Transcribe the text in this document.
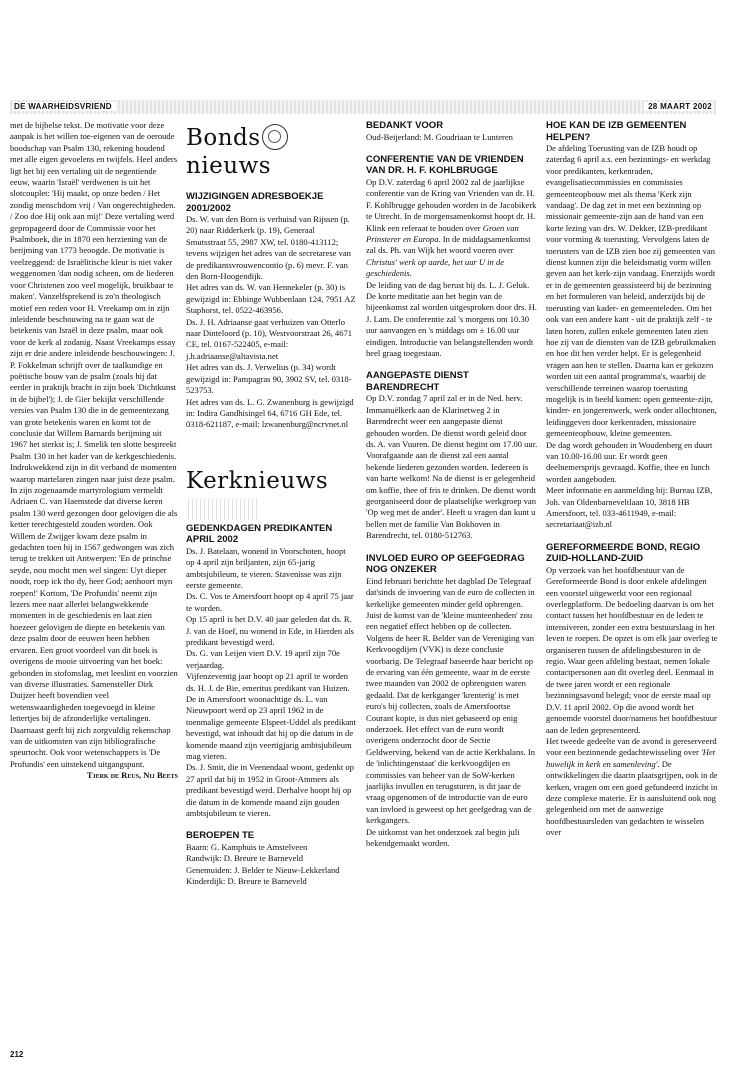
DE WAARHEIDSVRIEND	28 MAART 2002

met de bijbelse tekst. De motivatie voor deze aanpak is het willen toe-eigenen van de oeroude boodschap van Psalm 130, rekening houdend met alle eigen gevoelens en twijfels. Heel anders ligt het bij een vertaling uit de negentiende eeuw, waarin 'Israël' verdwenen is uit het slotcouplet: 'Hij maakt, op onze beden / Het zondig menschdom vrij / Van ongerechtigheden. / Zoo doe Hij ook aan mij!' Deze vertaling werd gepropageerd door de Commissie voor het Psalmboek, die in 1870 een herziening van de berijming van 1773 beoogde. De motivatie is veelzeggend: de Israëlitische kleur is niet vaker weggenomen 'dan nodig scheen, om de liederen voor Christenen zoo veel mogelijk, bruikbaar te maken'. Vanzelfsprekend is zo'n theologisch motief een reden voor H. Vreekamp om in zijn inleidende beschouwing na te gaan wat de betekenis van Israël in deze psalm, maar ook voor de kerk al zodanig. Naast Vreekamps essay zijn er drie andere inleidende beschouwingen: J. P. Fokkelman schrijft over de taalkundige en poëtische bouw van de psalm (zoals hij dat eerder in praktijk bracht in zijn boek 'Dichtkunst in de bijbel'); J. de Gier bekijkt verschillende versies van Psalm 130 die in de gemeentezang van grote betekenis waren en komt tot de conclusie dat Willem Barnards berijming uit 1967 het sterkst is; J. Smelik ten slotte bespreekt Psalm 130 in het kader van de kerkgeschiedenis. Indrukwekkend zijn in dit verband de momenten waarop martelaren zingen naar juist deze psalm. In zijn zogenaamde martyrologium vermeldt Adriaen C. van Haemstede dat diverse keren psalm 130 werd gezongen door gelovigen die als ketter terechtgesteld zouden worden. Ook Willem de Zwijger kwam deze psalm in gedachten toen hij in 1567 gedwongen was zich terug te trekken uit Antwerpen: 'En de princhse seyde, nou mocht men wel singen: Uyt dieper noodt, roep ick tho dy, heer God; aenhoort myn roepen!' Kortom, 'De Profundis' neemt zijn lezers mee naar allerlei belangwekkende momenten in de geschiedenis en laat zien hoezeer gelovigen de diepte en betekenis van deze psalm door de eeuwen heen hebben ervaren. Een groot voordeel van dit boek is overigens de mooie uitvoering van het boek: gebonden in stofomslag, met leeslint en voorzien van diverse illustraties. Samensteller Dirk Duijzer heeft bovendien veel wetenswaardigheden toegevoegd in kleine lettertjes bij de afzonderlijke vertalingen. Daarnaast geeft hij zich zorgvuldig rekenschap van de uitkomsten van zijn bibliografische speurtocht. Ook voor wetenschappers is 'De Profundis' een uitstekend uitgangspunt.

Tjerk de Reus, Nij Beets

Bondsnieuws
WIJZIGINGEN ADRESBOEKJE 2001/2002

Ds. W. van den Born is verhuisd van Rijssen (p. 20) naar Ridderkerk (p. 19), Generaal Smutsstraat 55, 2987 XW, tel. 0180-413112; tevens wijzigen het adres van de secretarese van de predikantsvrouwencontio (p. 6) mevr. F. van den Born-Hoogendijk.

Het adres van ds. W. van Hennekeler (p. 30) is gewijzigd in: Ebbinge Wubbenlaan 124, 7951 AZ Staphorst, tel. 0522-463956.

Ds. J. H. Adriaanse gaat verhuizen van Otterlo naar Dinteloord (p. 10), Westvoorstraat 26, 4671 CE, tel. 0167-522405, e-mail: j.h.adriaanse@altavista.net

Het adres van ds. J. Verwelius (p. 34) wordt gewijzigd in: Pampagras 90, 3902 SV, tel. 0318-523753.

Het adres van ds. L. G. Zwanenburg is gewijzigd in: Indira Gandhisingel 64, 6716 GH Ede, tel. 0318-621187, e-mail: lzwanenburg@ncrvnet.nl

Kerknieuws
GEDENKDAGEN PREDIKANTEN APRIL 2002

Ds. J. Batelaan, wonend in Voorschoten, hoopt op 4 april zijn briljanten, zijn 65-jarig ambtsjubileum, te vieren. Stavenisse was zijn eerste gemeente.

Ds. C. Vos te Amersfoort hoopt op 4 april 75 jaar te worden.

Op 15 april is het D.V. 40 jaar geleden dat ds. R. J. van de Hoef, nu wonend in Ede, in Hierden als predikant bevestigd werd.

Ds. G. van Leijen viert D.V. 19 april zijn 70e verjaardag.

Vijfenzeventig jaar hoopt op 21 april te worden ds. H. J. de Bie, emeritus predikant van Huizen.

De in Amersfoort woonachtige ds. L. van Nieuwpoort werd op 23 april 1962 in de toenmalige gemeente Elspeet-Uddel als predikant bevestigd, wat inhoudt dat hij op die datum in de komende maand zijn veertigjarig ambtsjubileum mag vieren.

Ds. J. Smit, die in Veenendaal woont, gedenkt op 27 april dat hij in 1952 in Groot-Ammers als predikant bevestigd werd. Derhalve hoopt hij op die datum in de komende maand zijn gouden ambtsjubileum te vieren.

BEROEPEN TE

Baarn: G. Kamphuis te Amstelveen

Randwijk: D. Breure te Barneveld

Genemuiden: J. Belder te Nieuw-Lekkerland

Kinderdijk: D. Breure te Barneveld

BEDANKT VOOR

Oud-Beijerland: M. Goudriaan te Lunteren

CONFERENTIE VAN DE VRIENDEN VAN DR. H. F. KOHLBRUGGE

Op D.V. zaterdag 6 april 2002 zal de jaarlijkse conferentie van de Kring van Vrienden van dr. H. F. Kohlbrugge gehouden worden in de Jacobikerk te Utrecht. In de morgensamenkomst hoopt dr. H. Klink een referaat te houden over Groen van Prinsterer en Europa. In de middagsamenkomst zal ds. Ph. van Wijk het woord voeren over Christus' werk op aarde, het uur U in de geschiedenis.

De leiding van de dag berust bij ds. L. J. Geluk. De korte meditatie aan het begin van de bijeenkomst zal worden uitgesproken door drs. H. J. Lam. De conferentie zal 's morgens om 10.30 uur aanvangen en 's middags om ± 16.00 uur eindigen. Introductie van belangstellenden wordt heel graag toegestaan.

AANGEPASTE DIENST BARENDRECHT

Op D.V. zondag 7 april zal er in de Ned. herv. Immanuëlkerk aan de Klarinetweg 2 in Barendrecht weer een aangepaste dienst gehouden worden. De dienst wordt geleid door ds. A. van Vuuren. De dienst begint om 17.00 uur. Voorafgaande aan de dienst zal een aantal bekende liederen gezonden worden. Iedereen is van harte welkom! Na de dienst is er gelegenheid om koffie, thee of fris te drinken. De dienst wordt georganiseerd door de plaatselijke werkgroep van 'Op weg met de ander'. Heeft u vragen dan kunt u bellen met de familie Van Bokhoven in Barendrecht, tel. 0180-512763.

INVLOED EURO OP GEEFGEDRAG NOG ONZEKER

Eind februari berichtte het dagblad De Telegraaf dat'sinds de invoering van de euro de collecten in kerkelijke gemeenten minder geld opbrengen. Juist de komst van de 'kleine munteenheden' zou een negatief effect hebben op de collecten. Volgens de heer R. Belder van de Vereniging van Kerkvoogdijen (VVK) is deze conclusie voorbarig. De Telegraaf baseerde haar bericht op de ervaring van één gemeente, waar in de eerste twee maanden van 2002 de opbrengsten waren gedaald. Dat de kerkganger 'krenterig' is met euro's bij collecten, zoals de Amersfoortse Courant kopte, is dus niet gebaseerd op enig onderzoek. Het effect van de euro wordt overigens onderzocht door de Sectie Geldwerving, bekend van de actie Kerkbalans. In de 'inlichtingenstaat' die kerkvoogdijen en commissies van beheer van de SoW-kerken jaarlijks invullen en terugsturen, is dit jaar de vraag opgenomen of de introductie van de euro van invloed is geweest op het geefgedrag van de kerkgangers.

De uitkomst van het onderzoek zal begin juli bekendgemaakt worden.

HOE KAN DE IZB GEMEENTEN HELPEN?

De afdeling Toerusting van de IZB houdt op zaterdag 6 april a.s. een bezinnings- en werkdag voor predikanten, kerkenraden, evangelisatiecommissies en commissies gemeenteopbouw met als thema 'Kerk zijn vandaag'. De dag zet in met een bezinning op missionair gemeente-zijn aan de hand van een korte lezing van drs. W. Dekker, IZB-predikant voor vorming & toerusting. Vervolgens laten de toerusters van de IZB zien hoe zij gemeenten van dienst kunnen zijn die beleidsmatig vorm willen geven aan het kerk-zijn vandaag. Enerzijds wordt er in de gemeenten geassisteerd bij de bezinning en het formuleren van beleid, anderzijds bij de toerusting van kader- en gemeenteleden. Om het ook van een andere kant - uit de praktijk zelf - te laten horen, zullen enkele gemeenten laten zien hoe zij van de diensten van de IZB gebruikmaken en hoe dit hen verder helpt. Er is gelegenheid vragen aan hen te stellen. Daarna kan er gekozen worden uit een aantal programma's, waarbij de verschillende terreinen waarop toerusting mogelijk is in beeld komen: open gemeente-zijn, kinder- en jongerenwerk, werk onder allochtonen, leidinggeven door kerkenraden, missionaire gemeenteopbouw, kleine gemeenten.

De dag wordt gehouden in Woudenberg en duurt van 10.00-16.00 uur. Er wordt geen deelnemersprijs gevraagd. Koffie, thee en lunch worden aangeboden.

Meer informatie en aanmelding bij: Bureau IZB, Joh. van Oldenbarneveltlaan 10, 3818 HB Amersfoort, tel. 033-4611949, e-mail: secretariaat@izb.nl

GEREFORMEERDE BOND, REGIO ZUID-HOLLAND-ZUID

Op verzoek van het hoofdbestuur van de Gereformeerde Bond is door enkele afdelingen een voorstel uitgewerkt voor een regionaal overlegplatform. De bedoeling daarvan is om het contact tussen het hoofdbestuur en de leden te intensiveren, zonder een extra bestuurslaag in het leven te roepen. De opzet is om elk jaar overleg te organiseren tussen de afdelingsbesturen in de regio. Waar geen afdeling bestaat, nemen lokale contactpersonen aan dit overleg deel. Eenmaal in de twee jaren wordt er een regionale bezinningsavond belegd; voor de eerste maal op D.V. 11 april 2002. Op die avond wordt het genoemde voorstel door/namens het hoofdbestuur aan de leden gepresenteerd.

Het tweede gedeelte van de avond is gereserveerd voor een bezinnende gedachtewisseling over 'Het huwelijk in kerk en samenleving'. De ontwikkelingen die daarin plaatsgrijpen, ook in de kerken, vragen om een goed gefundeerd inzicht in deze complexe materie. Er is aansluitend ook nog gelegenheid om met de aanwezige hoofdbestuursleden van gedachten te wisselen over

212
